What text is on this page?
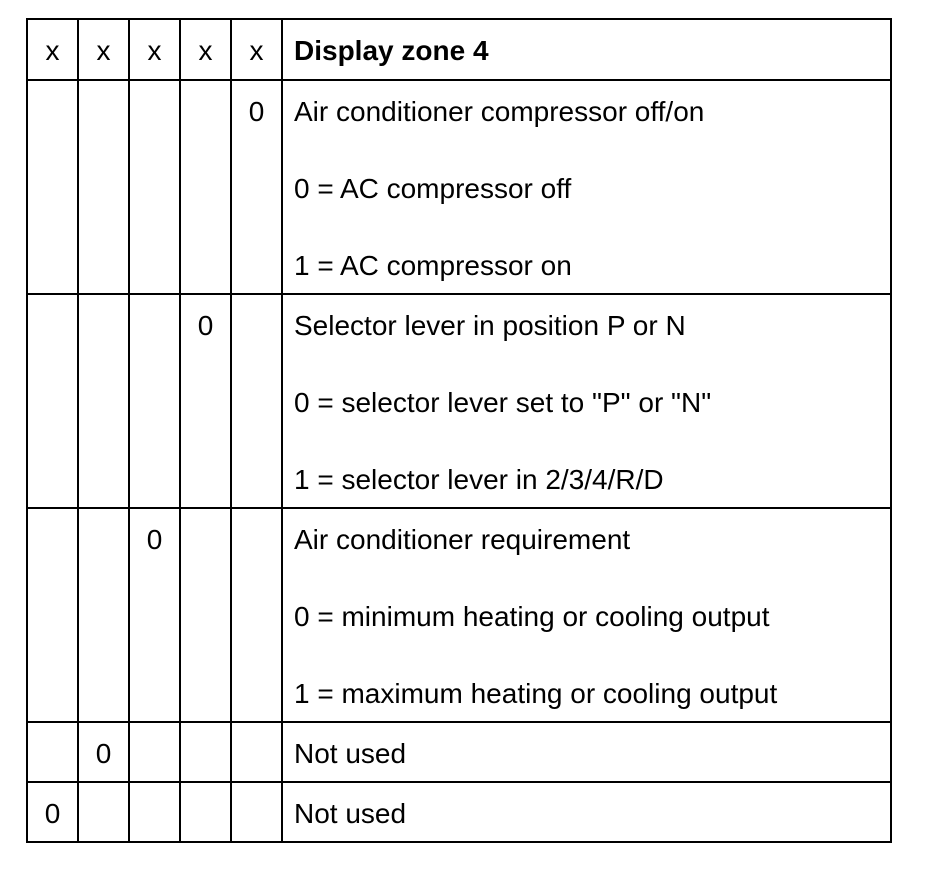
x	x	x	x	x	Display zone 4

				0	Air conditioner compressor off/on
0 = AC compressor off
1 = AC compressor on

			0		Selector lever in position P or N
0 = selector lever set to "P" or "N"
1 = selector lever in 2/3/4/R/D

		0			Air conditioner requirement
0 = minimum heating or cooling output
1 = maximum heating or cooling output

	0				Not used

0					Not used
